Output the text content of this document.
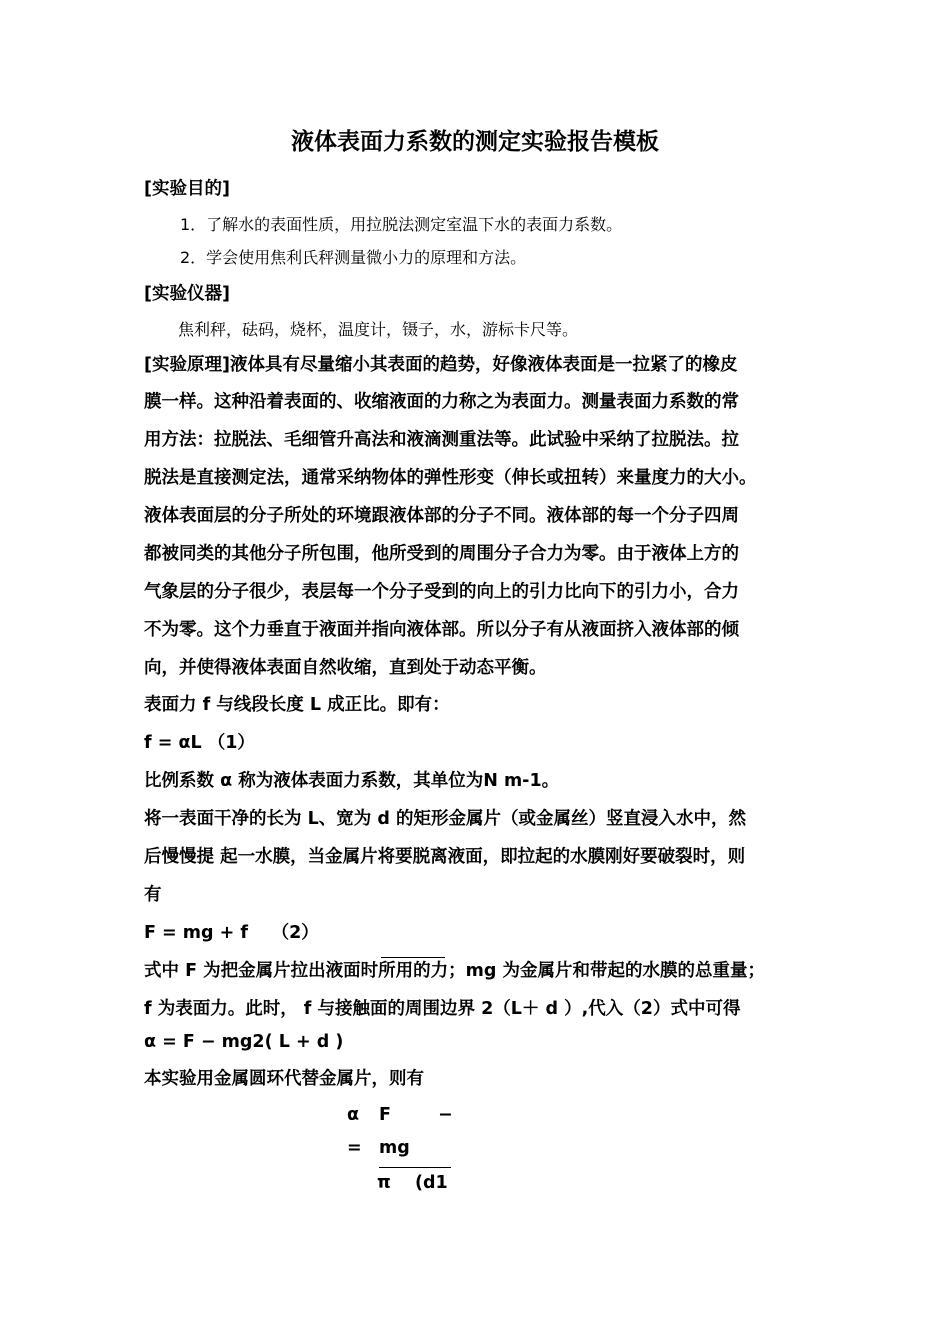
液体表面力系数的测定实验报告模板
[实验目的]
1．了解水的表面性质，用拉脱法测定室温下水的表面力系数。
2．学会使用焦利氏秤测量微小力的原理和方法。
[实验仪器]
焦利秤，砝码，烧杯，温度计，镊子，水，游标卡尺等。
[实验原理]液体具有尽量缩小其表面的趋势，好像液体表面是一拉紧了的橡皮
膜一样。这种沿着表面的、收缩液面的力称之为表面力。测量表面力系数的常
用方法：拉脱法、毛细管升高法和液滴测重法等。此试验中采纳了拉脱法。拉
脱法是直接测定法，通常采纳物体的弹性形变（伸长或扭转）来量度力的大小。
液体表面层的分子所处的环境跟液体部的分子不同。液体部的每一个分子四周
都被同类的其他分子所包围，他所受到的周围分子合力为零。由于液体上方的
气象层的分子很少，表层每一个分子受到的向上的引力比向下的引力小，合力
不为零。这个力垂直于液面并指向液体部。所以分子有从液面挤入液体部的倾
向，并使得液体表面自然收缩，直到处于动态平衡。
表面力 f 与线段长度 L 成正比。即有：
f = αL （1）
比例系数 α 称为液体表面力系数，其单位为N m-1。
将一表面干净的长为 L、宽为 d 的矩形金属片（或金属丝）竖直浸入水中，然
后慢慢提 起一水膜，当金属片将要脱离液面，即拉起的水膜刚好要破裂时，则
有
F = mg + f　 （2）
式中 F 为把金属片拉出液面时所用的力；mg 为金属片和带起的水膜的总重量；
f 为表面力。此时， f 与接触面的周围边界 2（L＋ d ）,代入（2）式中可得
α = F − mg2( L + d )
本实验用金属圆环代替金属片，则有
α F	−
= mg
π (d1
